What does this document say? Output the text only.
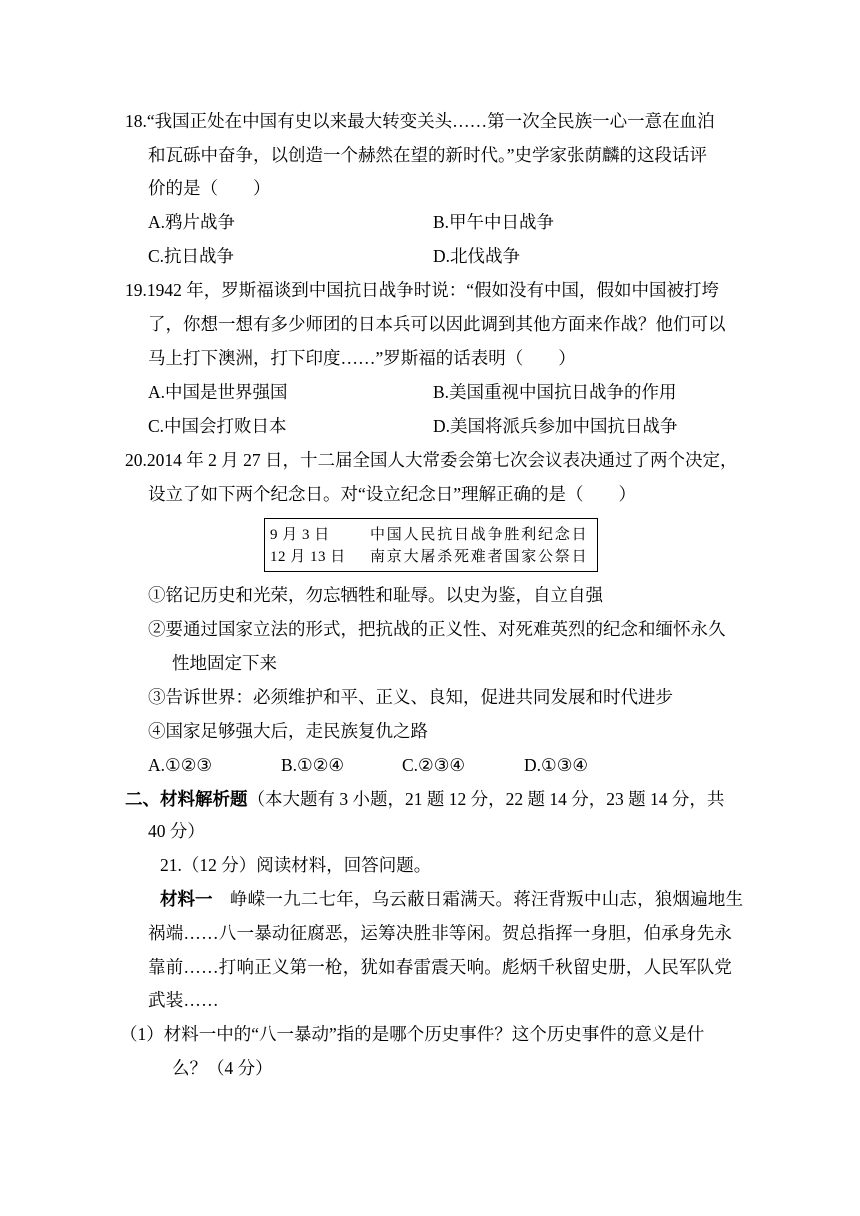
18.“我国正处在中国有史以来最大转变关头……第一次全民族一心一意在血泊
和瓦砾中奋争，以创造一个赫然在望的新时代。”史学家张荫麟的这段话评
价的是（　　）
A.鸦片战争	B.甲午中日战争
C.抗日战争	D.北伐战争
19.1942 年，罗斯福谈到中国抗日战争时说：“假如没有中国，假如中国被打垮
了，你想一想有多少师团的日本兵可以因此调到其他方面来作战？他们可以
马上打下澳洲，打下印度……”罗斯福的话表明（　　）
A.中国是世界强国	B.美国重视中国抗日战争的作用
C.中国会打败日本	D.美国将派兵参加中国抗日战争
20.2014 年 2 月 27 日，十二届全国人大常委会第七次会议表决通过了两个决定，
设立了如下两个纪念日。对“设立纪念日”理解正确的是（　　）
9 月 3 日	中国人民抗日战争胜利纪念日
12 月 13 日 南京大屠杀死难者国家公祭日
①铭记历史和光荣，勿忘牺牲和耻辱。以史为鉴，自立自强
②要通过国家立法的形式，把抗战的正义性、对死难英烈的纪念和缅怀永久
性地固定下来
③告诉世界：必须维护和平、正义、良知，促进共同发展和时代进步
④国家足够强大后，走民族复仇之路
A.①②③	B.①②④	C.②③④	D.①③④
二、材料解析题（本大题有 3 小题，21 题 12 分，22 题 14 分，23 题 14 分，共
40 分）
21.（12 分）阅读材料，回答问题。
材料一 峥嵘一九二七年，乌云蔽日霜满天。蒋汪背叛中山志，狼烟遍地生
祸端……八一暴动征腐恶，运筹决胜非等闲。贺总指挥一身胆，伯承身先永
靠前……打响正义第一枪，犹如春雷震天响。彪炳千秋留史册，人民军队党
武装……
（1）材料一中的“八一暴动”指的是哪个历史事件？这个历史事件的意义是什
么？（4 分）
